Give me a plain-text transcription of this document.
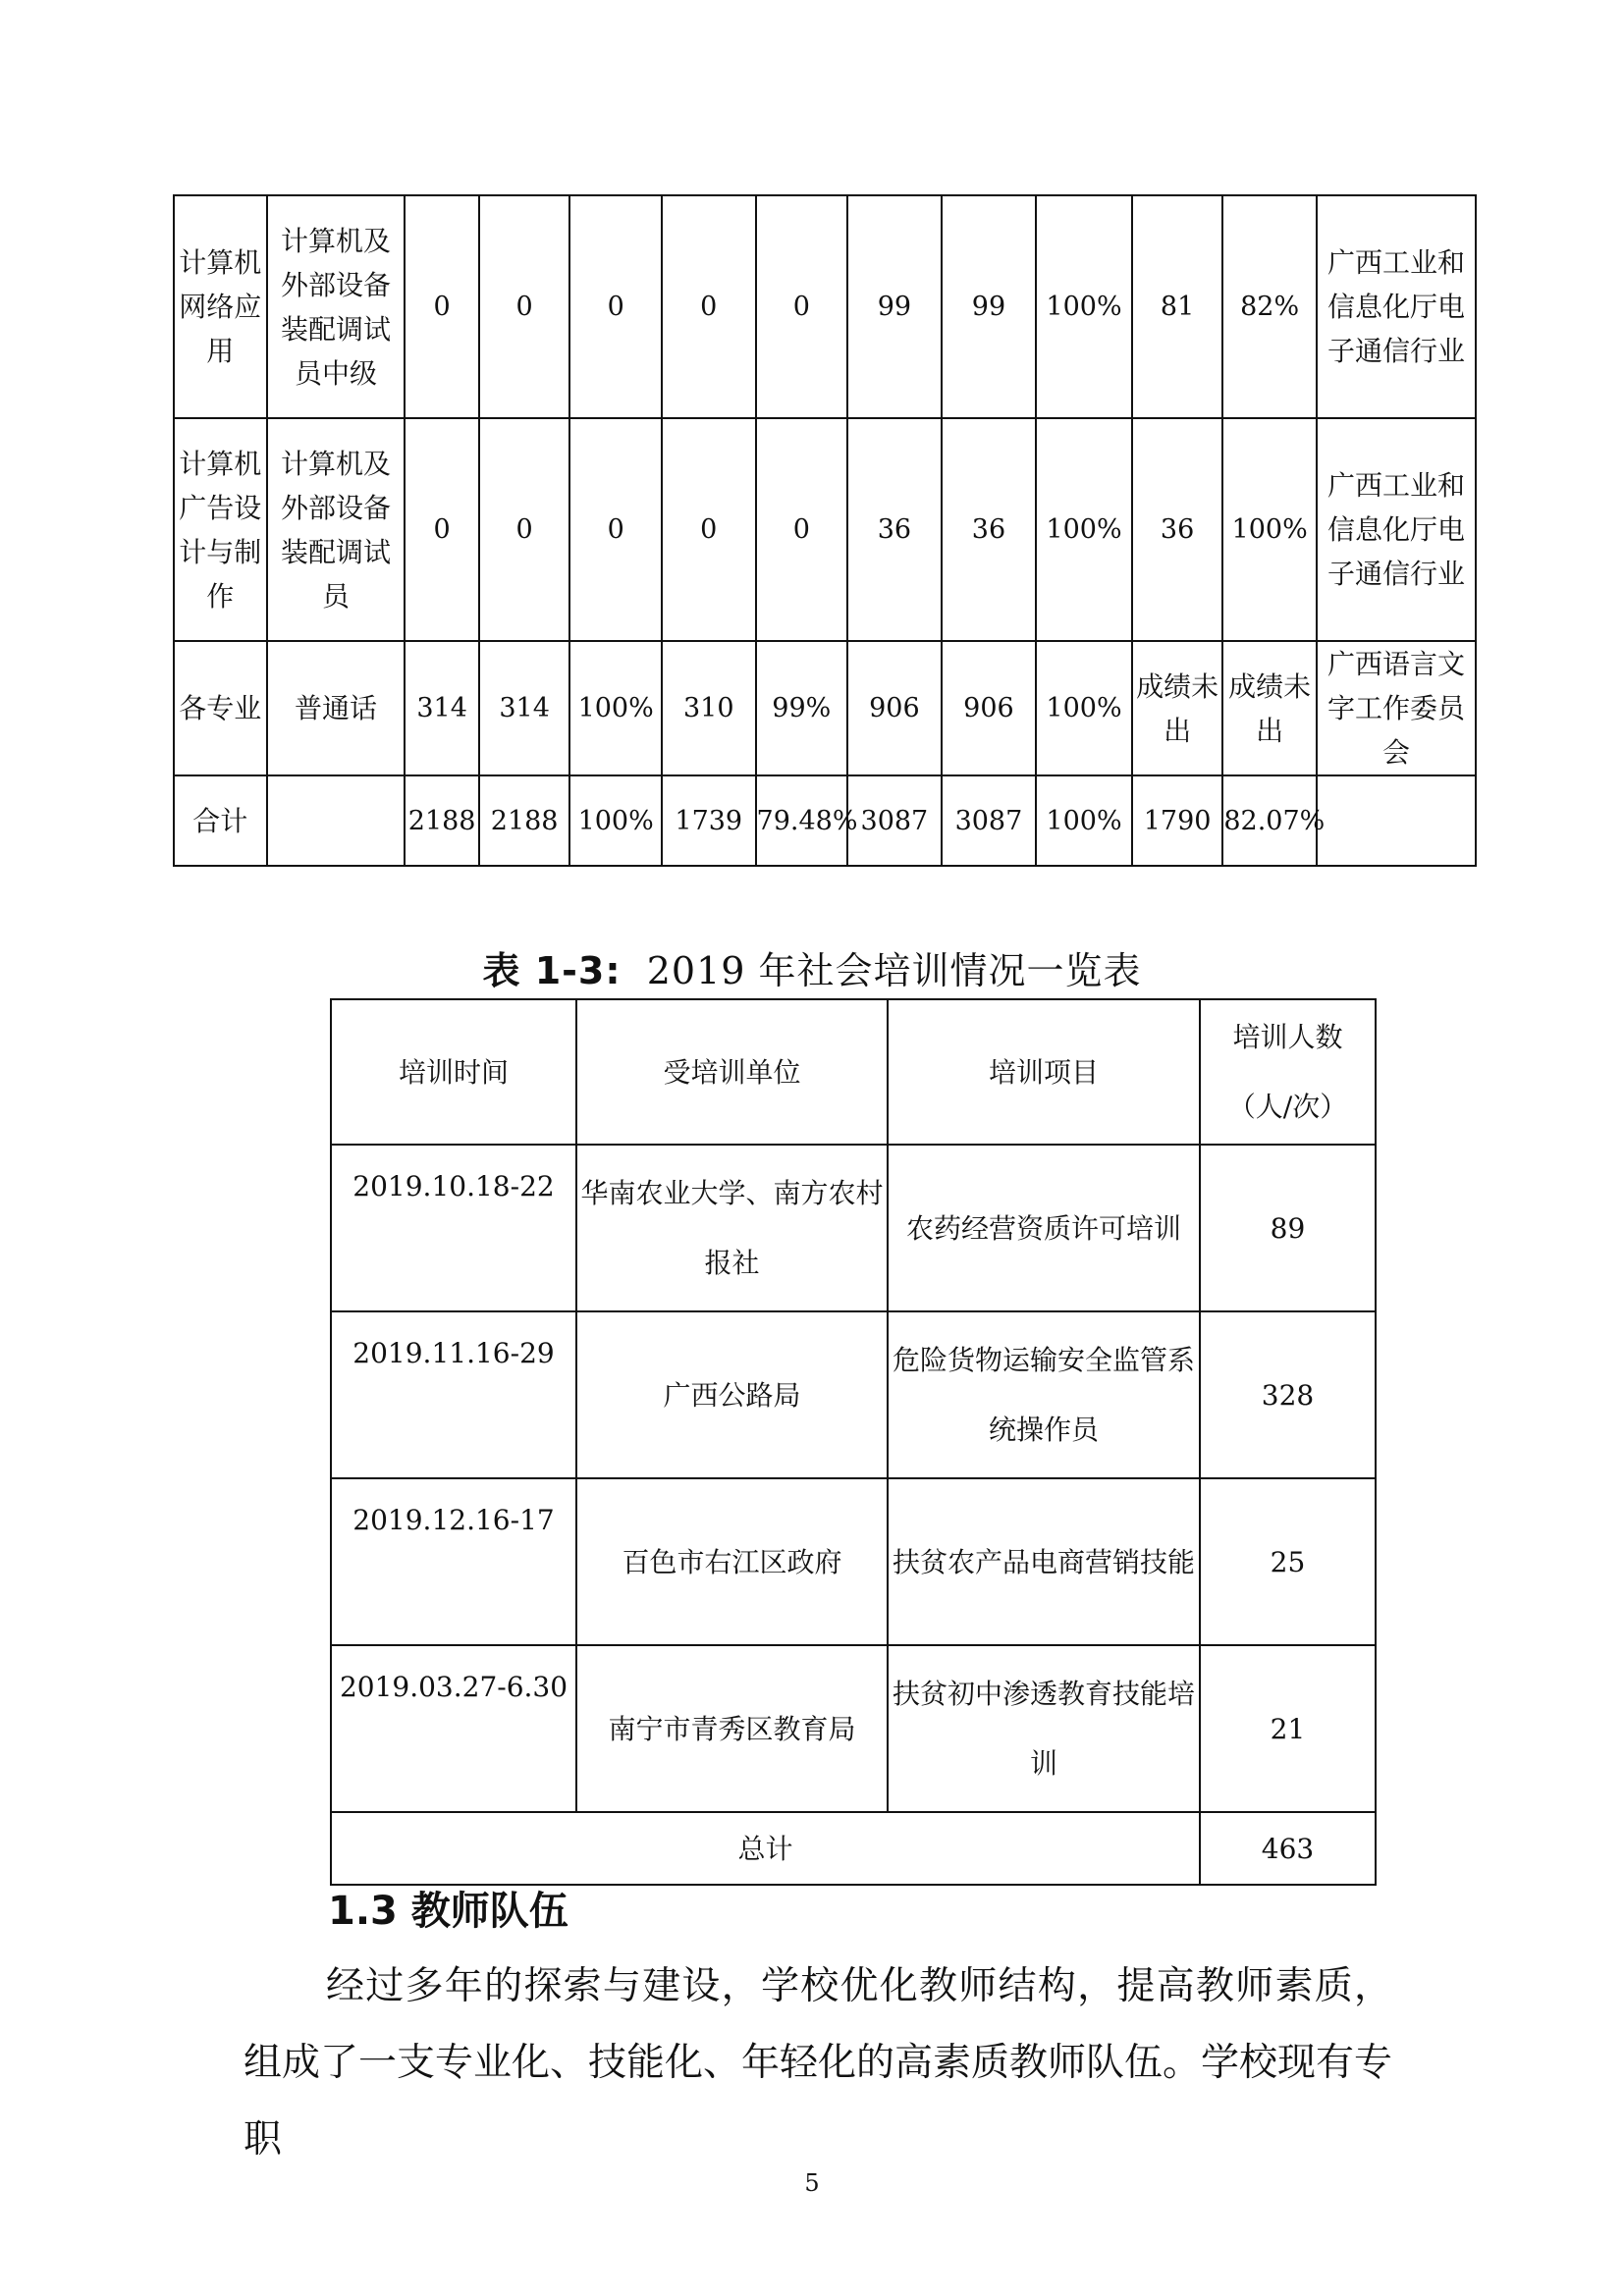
计算机网络应用	计算机及外部设备装配调试员中级	0	0	0	0	0	99	99	100%	81	82%	广西工业和信息化厅电子通信行业
计算机广告设计与制作	计算机及外部设备装配调试员	0	0	0	0	0	36	36	100%	36	100%	广西工业和信息化厅电子通信行业
各专业	普通话	314	314	100%	310	99%	906	906	100%	成绩未出	成绩未出	广西语言文字工作委员会
合计		2188	2188	100%	1739	79.48%	3087	3087	100%	1790	82.07%	

表 1-3: 2019 年社会培训情况一览表

培训时间	受培训单位	培训项目	培训人数（人/次）
2019.10.18-22	华南农业大学、南方农村报社	农药经营资质许可培训	89
2019.11.16-29	广西公路局	危险货物运输安全监管系统操作员	328
2019.12.16-17	百色市右江区政府	扶贫农产品电商营销技能	25
2019.03.27-6.30	南宁市青秀区教育局	扶贫初中渗透教育技能培训	21
总计			463
1.3 教师队伍

经过多年的探索与建设，学校优化教师结构，提高教师素质，组成了一支专业化、技能化、年轻化的高素质教师队伍。学校现有专职

5
